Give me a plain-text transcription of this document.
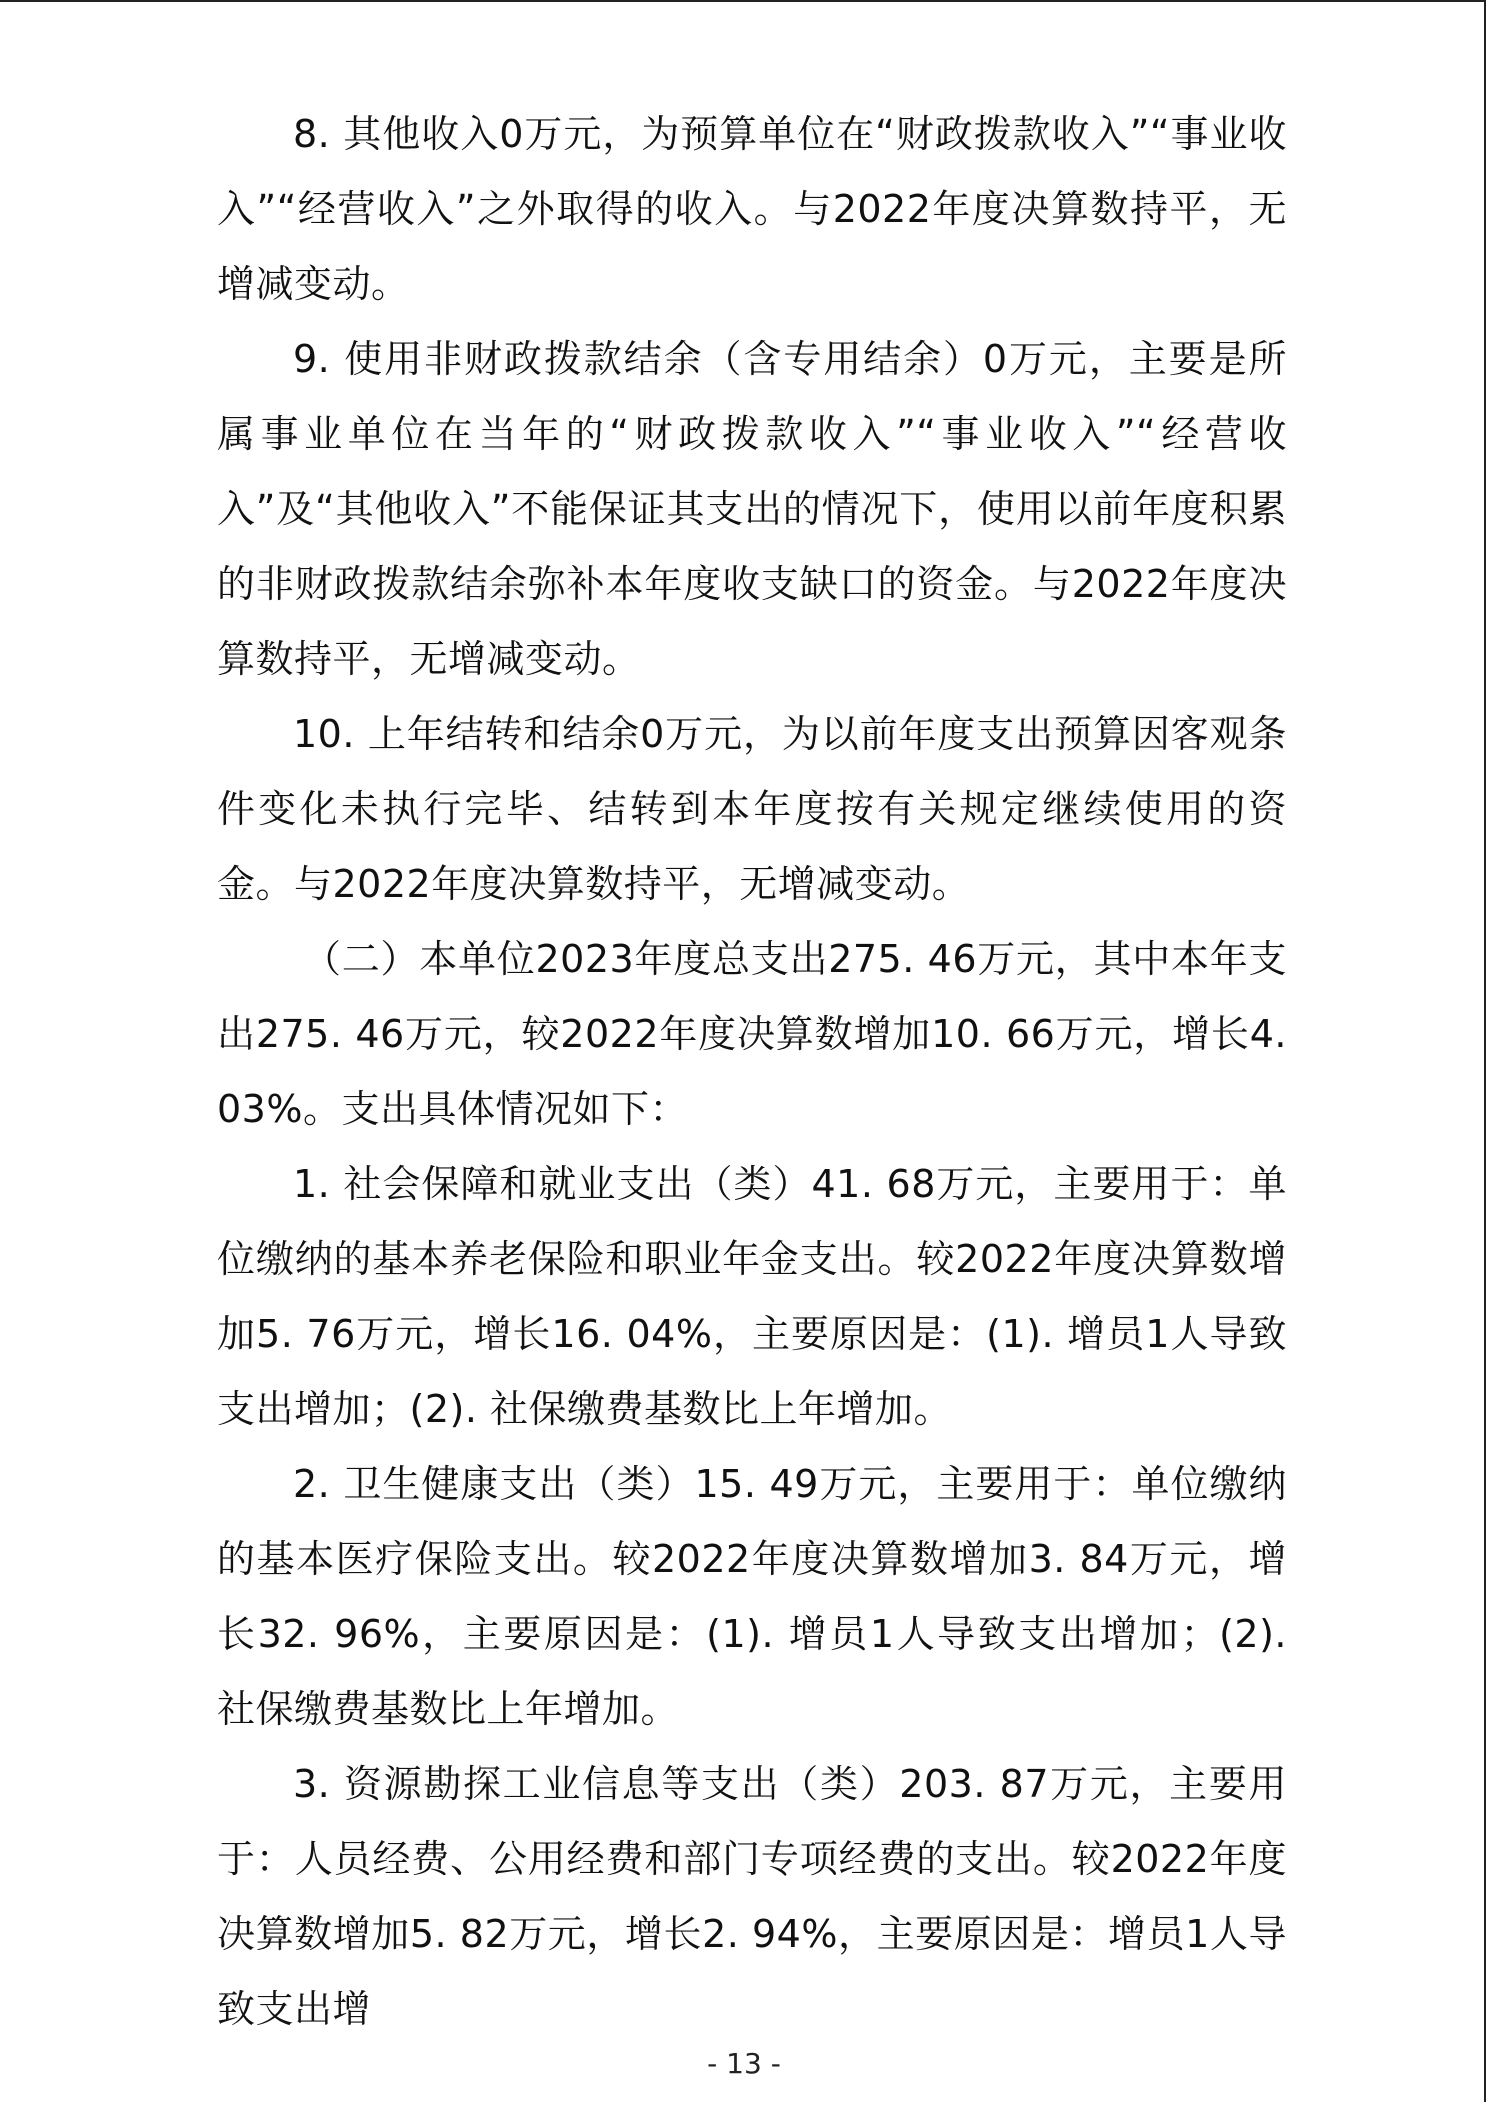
8. 其他收入0万元，为预算单位在“财政拨款收入”“事业收入”“经营收入”之外取得的收入。与2022年度决算数持平，无增减变动。

9. 使用非财政拨款结余（含专用结余）0万元，主要是所属事业单位在当年的“财政拨款收入”“事业收入”“经营收入”及“其他收入”不能保证其支出的情况下，使用以前年度积累的非财政拨款结余弥补本年度收支缺口的资金。与2022年度决算数持平，无增减变动。

10. 上年结转和结余0万元，为以前年度支出预算因客观条件变化未执行完毕、结转到本年度按有关规定继续使用的资金。与2022年度决算数持平，无增减变动。

（二）本单位2023年度总支出275. 46万元，其中本年支出275. 46万元，较2022年度决算数增加10. 66万元，增长4. 03%。支出具体情况如下：

1. 社会保障和就业支出（类）41. 68万元，主要用于：单位缴纳的基本养老保险和职业年金支出。较2022年度决算数增加5. 76万元，增长16. 04%，主要原因是：(1). 增员1人导致支出增加；(2). 社保缴费基数比上年增加。

2. 卫生健康支出（类）15. 49万元，主要用于：单位缴纳的基本医疗保险支出。较2022年度决算数增加3. 84万元，增长32. 96%，主要原因是：(1). 增员1人导致支出增加；(2). 社保缴费基数比上年增加。

3. 资源勘探工业信息等支出（类）203. 87万元，主要用于：人员经费、公用经费和部门专项经费的支出。较2022年度决算数增加5. 82万元，增长2. 94%，主要原因是：增员1人导致支出增

- 13 -
